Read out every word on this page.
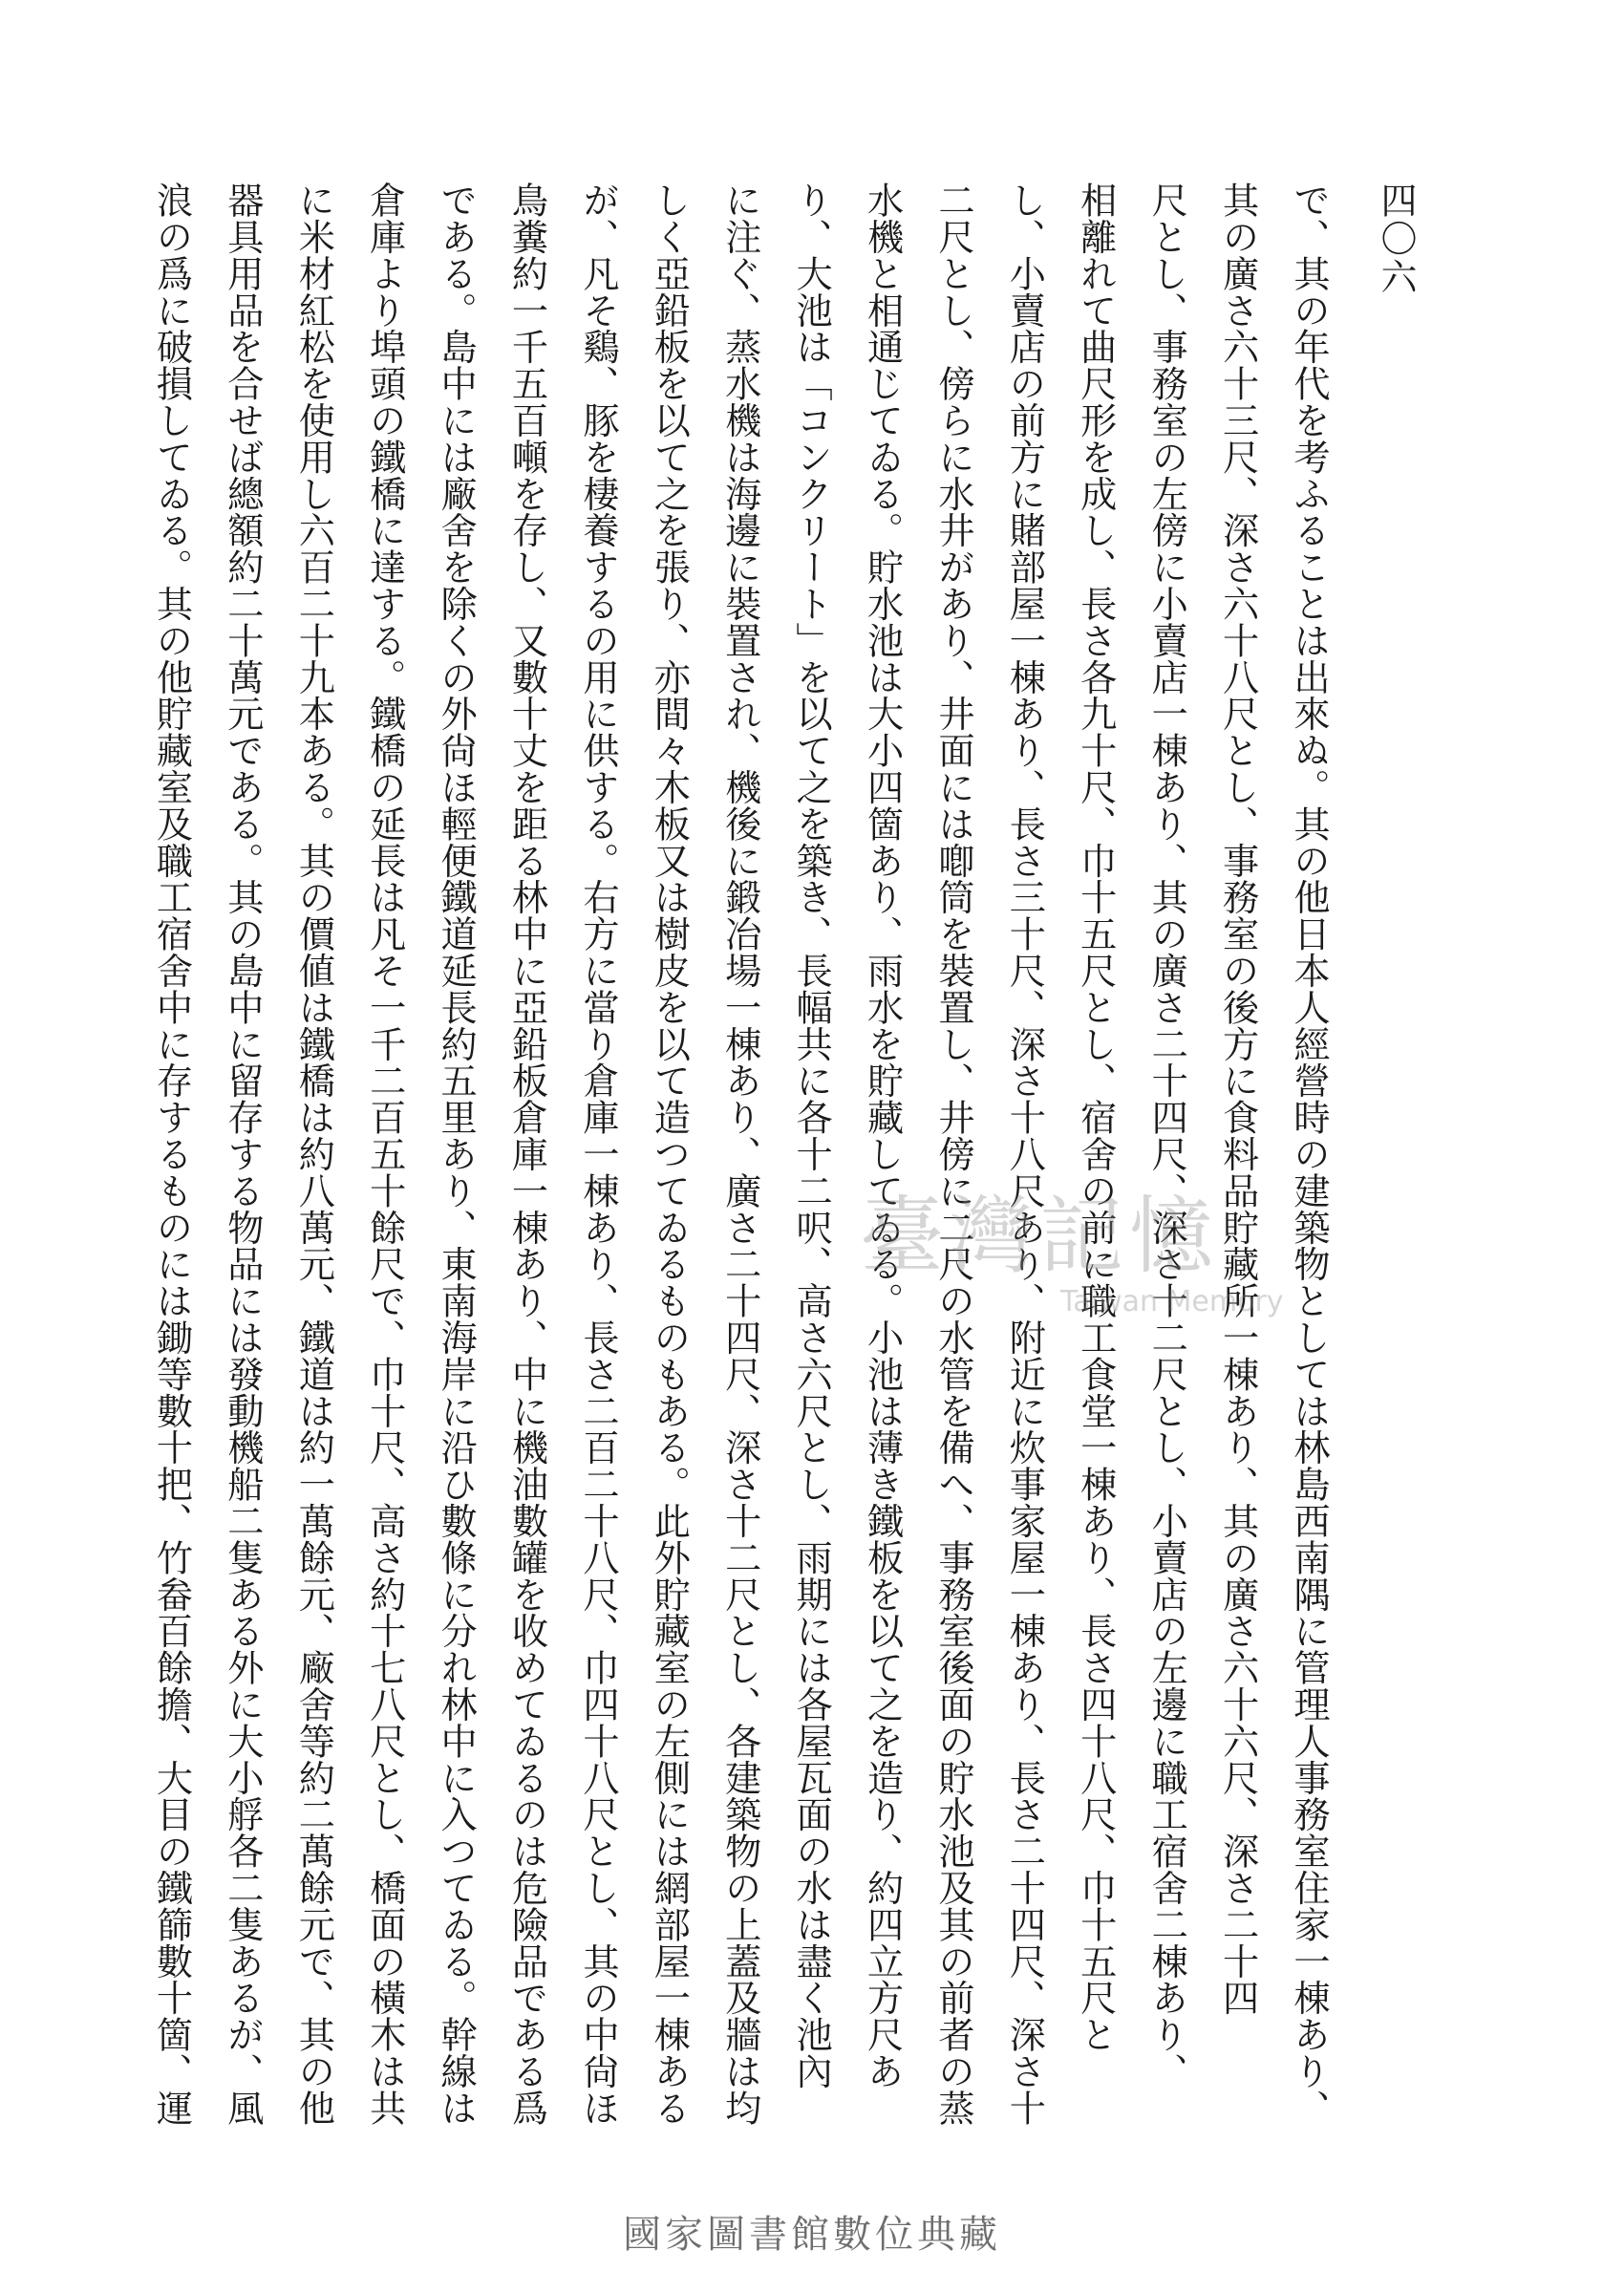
四〇六
で、其の年代を考ふることは出來ぬ。其の他日本人經營時の建築物としては林島西南隅に管理人事務室住家一棟あり、
其の廣さ六十三尺、深さ六十八尺とし、事務室の後方に食料品貯藏所一棟あり、其の廣さ六十六尺、深さ二十四
尺とし、事務室の左傍に小賣店一棟あり、其の廣さ二十四尺、深さ十二尺とし、小賣店の左邊に職工宿舍二棟あり、
相離れて曲尺形を成し、長さ各九十尺、巾十五尺とし、宿舍の前に職工食堂一棟あり、長さ四十八尺、巾十五尺と
し、小賣店の前方に賭部屋一棟あり、長さ三十尺、深さ十八尺あり、附近に炊事家屋一棟あり、長さ二十四尺、深さ十
二尺とし、傍らに水井があり、井面には喞筒を裝置し、井傍に二尺の水管を備へ、事務室後面の貯水池及其の前者の蒸
水機と相通じてゐる。貯水池は大小四箇あり、雨水を貯藏してゐる。小池は薄き鐵板を以て之を造り、約四立方尺あ
り、大池は「コンクリート」を以て之を築き、長幅共に各十二呎、高さ六尺とし、雨期には各屋瓦面の水は盡く池內
に注ぐ、蒸水機は海邊に裝置され、機後に鍛冶場一棟あり、廣さ二十四尺、深さ十二尺とし、各建築物の上蓋及牆は均
しく亞鉛板を以て之を張り、亦間々木板又は樹皮を以て造つてゐるものもある。此外貯藏室の左側には網部屋一棟ある
が、凡そ鷄、豚を棲養するの用に供する。右方に當り倉庫一棟あり、長さ二百二十八尺、巾四十八尺とし、其の中尙ほ
鳥糞約一千五百噸を存し、又數十丈を距る林中に亞鉛板倉庫一棟あり、中に機油數罐を收めてゐるのは危險品である爲
である。島中には廠舍を除くの外尙ほ輕便鐵道延長約五里あり、東南海岸に沿ひ數條に分れ林中に入つてゐる。幹線は
倉庫より埠頭の鐵橋に達する。鐵橋の延長は凡そ一千二百五十餘尺で、巾十尺、高さ約十七八尺とし、橋面の橫木は共
に米材紅松を使用し六百二十九本ある。其の價値は鐵橋は約八萬元、鐵道は約一萬餘元、廠舍等約二萬餘元で、其の他
器具用品を合せば總額約二十萬元である。其の島中に留存する物品には發動機船二隻ある外に大小艀各二隻あるが、風
浪の爲に破損してゐる。其の他貯藏室及職工宿舍中に存するものには鋤等數十把、竹畚百餘擔、大目の鐵篩數十箇、運	臺灣記憶
Taiwan Memory
國家圖書館數位典藏
